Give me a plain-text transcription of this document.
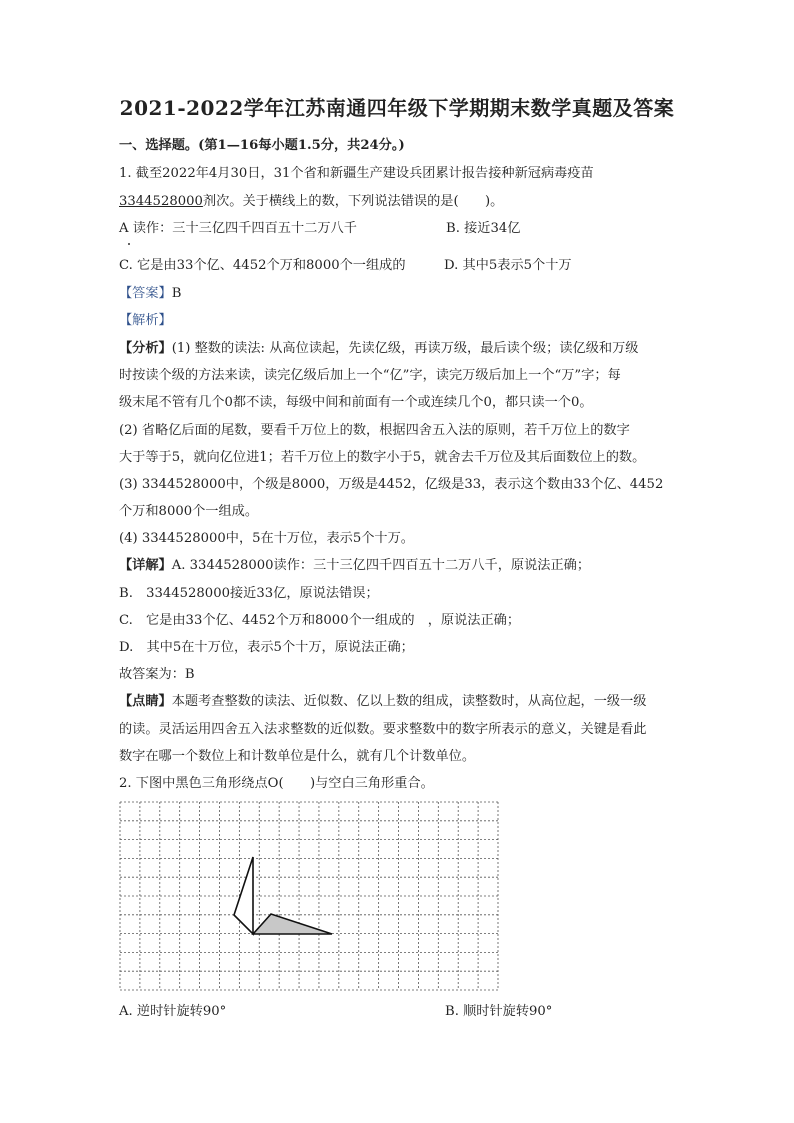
2021-2022学年江苏南通四年级下学期期末数学真题及答案
一、选择题。(第1—16每小题1.5分，共24分。)
1. 截至2022年4月30日，31个省和新疆生产建设兵团累计报告接种新冠病毒疫苗
3344528000剂次。关于横线上的数，下列说法错误的是(　　)。
A 读作：三十三亿四千四百五十二万八千	B. 接近34亿
C. 它是由33个亿、4452个万和8000个一组成的	D. 其中5表示5个十万
【答案】B
【解析】
【分析】(1) 整数的读法: 从高位读起，先读亿级，再读万级，最后读个级；读亿级和万级
时按读个级的方法来读，读完亿级后加上一个“亿”字，读完万级后加上一个“万”字；每
级末尾不管有几个0都不读，每级中间和前面有一个或连续几个0，都只读一个0。
(2) 省略亿后面的尾数，要看千万位上的数，根据四舍五入法的原则，若千万位上的数字
大于等于5，就向亿位进1；若千万位上的数字小于5，就舍去千万位及其后面数位上的数。
(3) 3344528000中，个级是8000，万级是4452，亿级是33，表示这个数由33个亿、4452
个万和8000个一组成。
(4) 3344528000中，5在十万位，表示5个十万。
【详解】A. 3344528000读作：三十三亿四千四百五十二万八千，原说法正确；
B.　3344528000接近33亿，原说法错误；
C.　它是由33个亿、4452个万和8000个一组成的　，原说法正确；
D.　其中5在十万位，表示5个十万，原说法正确；
故答案为：B
【点睛】本题考查整数的读法、近似数、亿以上数的组成，读整数时，从高位起，一级一级
的读。灵活运用四舍五入法求整数的近似数。要求整数中的数字所表示的意义，关键是看此
数字在哪一个数位上和计数单位是什么，就有几个计数单位。
2. 下图中黑色三角形绕点O(　　)与空白三角形重合。
A. 逆时针旋转90°	B. 顺时针旋转90°
